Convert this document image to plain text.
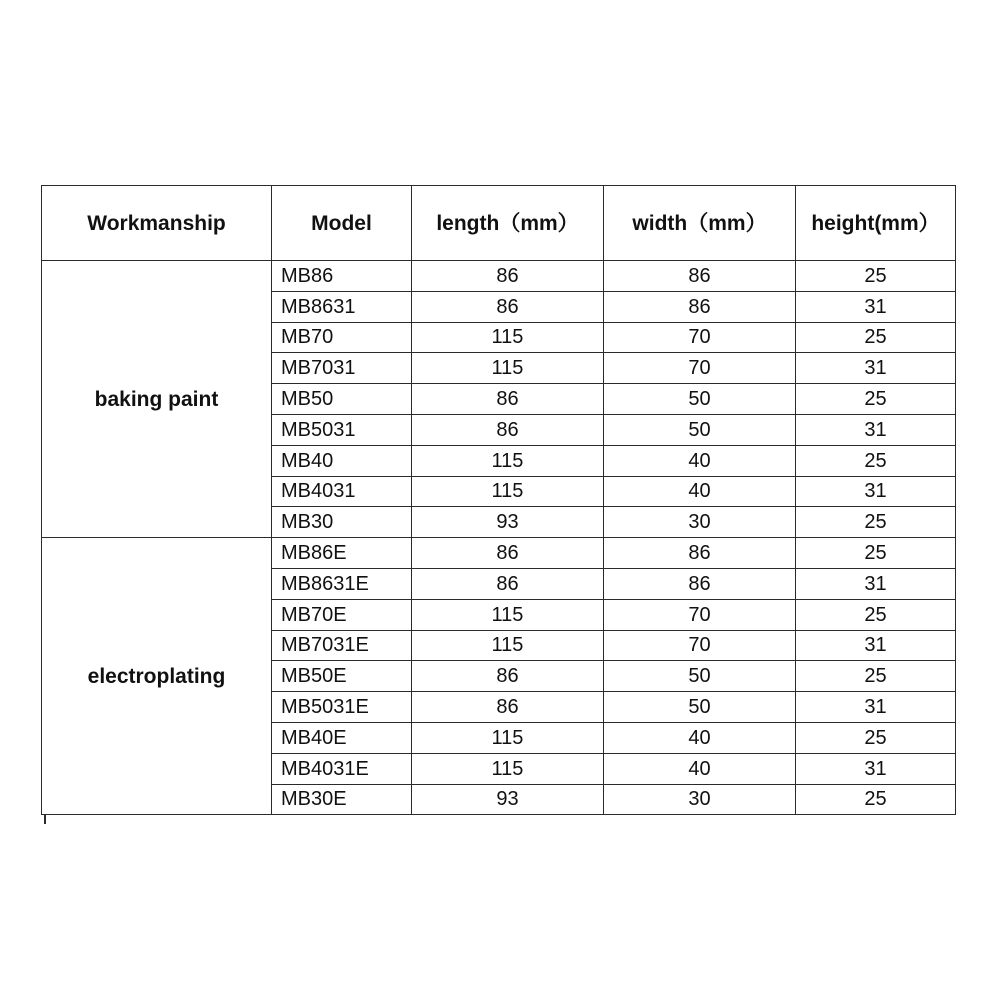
Workmanship	Model	length（mm）	width（mm）	height(mm）
baking paint	MB86	86	86	25
	MB8631	86	86	31
	MB70	115	70	25
	MB7031	115	70	31
	MB50	86	50	25
	MB5031	86	50	31
	MB40	115	40	25
	MB4031	115	40	31
	MB30	93	30	25
electroplating	MB86E	86	86	25
	MB8631E	86	86	31
	MB70E	115	70	25
	MB7031E	115	70	31
	MB50E	86	50	25
	MB5031E	86	50	31
	MB40E	115	40	25
	MB4031E	115	40	31
	MB30E	93	30	25
